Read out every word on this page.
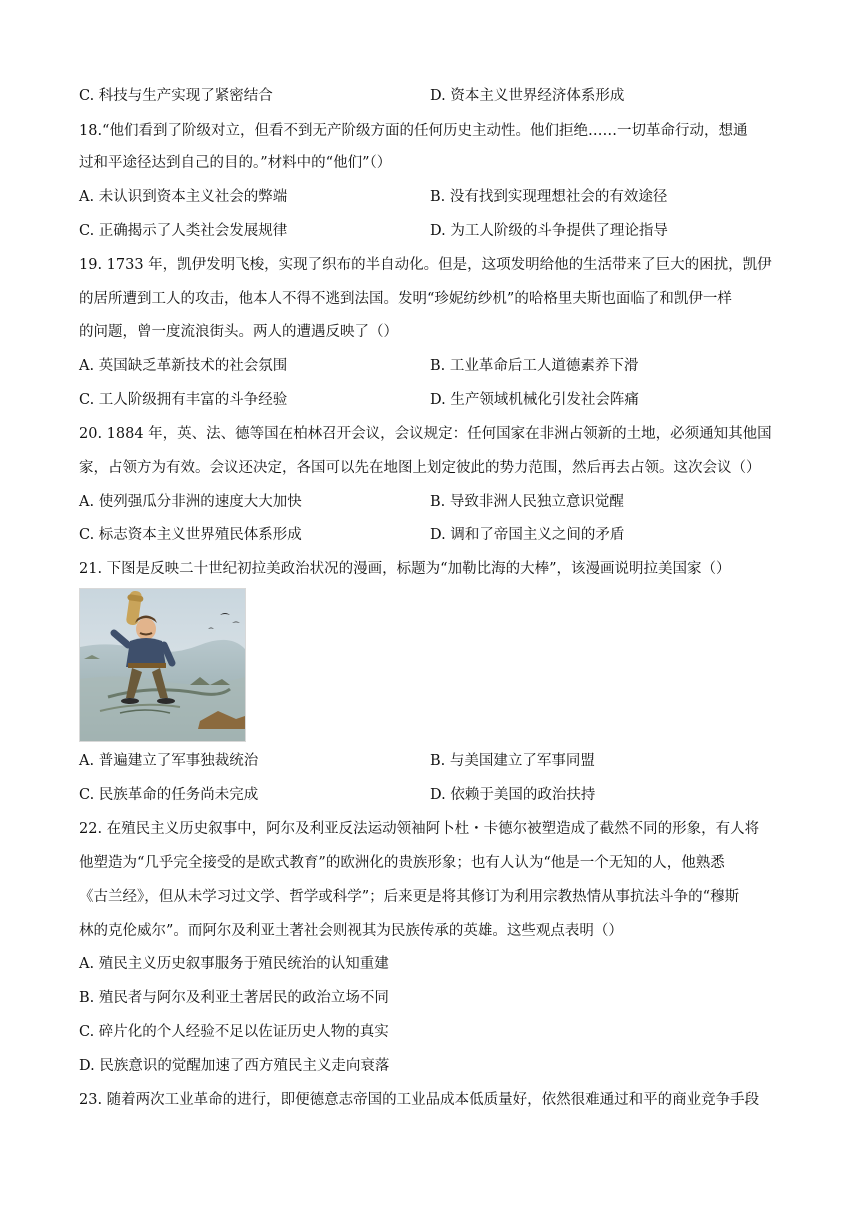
C. 科技与生产实现了紧密结合	D. 资本主义世界经济体系形成
18.“他们看到了阶级对立，但看不到无产阶级方面的任何历史主动性。他们拒绝……一切革命行动，想通
过和平途径达到自己的目的。”材料中的“他们”（）
A. 未认识到资本主义社会的弊端	B. 没有找到实现理想社会的有效途径
C. 正确揭示了人类社会发展规律	D. 为工人阶级的斗争提供了理论指导
19. 1733 年，凯伊发明飞梭，实现了织布的半自动化。但是，这项发明给他的生活带来了巨大的困扰，凯伊
的居所遭到工人的攻击，他本人不得不逃到法国。发明“珍妮纺纱机”的哈格里夫斯也面临了和凯伊一样
的问题，曾一度流浪街头。两人的遭遇反映了（）
A. 英国缺乏革新技术的社会氛围	B. 工业革命后工人道德素养下滑
C. 工人阶级拥有丰富的斗争经验	D. 生产领域机械化引发社会阵痛
20. 1884 年，英、法、德等国在柏林召开会议，会议规定：任何国家在非洲占领新的土地，必须通知其他国
家，占领方为有效。会议还决定，各国可以先在地图上划定彼此的势力范围，然后再去占领。这次会议（）
A. 使列强瓜分非洲的速度大大加快	B. 导致非洲人民独立意识觉醒
C. 标志资本主义世界殖民体系形成	D. 调和了帝国主义之间的矛盾
21. 下图是反映二十世纪初拉美政治状况的漫画，标题为“加勒比海的大棒”，该漫画说明拉美国家（）
A. 普遍建立了军事独裁统治	B. 与美国建立了军事同盟
C. 民族革命的任务尚未完成	D. 依赖于美国的政治扶持
22. 在殖民主义历史叙事中，阿尔及利亚反法运动领袖阿卜杜・卡德尔被塑造成了截然不同的形象，有人将
他塑造为“几乎完全接受的是欧式教育”的欧洲化的贵族形象；也有人认为“他是一个无知的人，他熟悉
《古兰经》，但从未学习过文学、哲学或科学”；后来更是将其修订为利用宗教热情从事抗法斗争的“穆斯
林的克伦威尔”。而阿尔及利亚土著社会则视其为民族传承的英雄。这些观点表明（）
A. 殖民主义历史叙事服务于殖民统治的认知重建
B. 殖民者与阿尔及利亚土著居民的政治立场不同
C. 碎片化的个人经验不足以佐证历史人物的真实
D. 民族意识的觉醒加速了西方殖民主义走向衰落
23. 随着两次工业革命的进行，即便德意志帝国的工业品成本低质量好，依然很难通过和平的商业竞争手段
